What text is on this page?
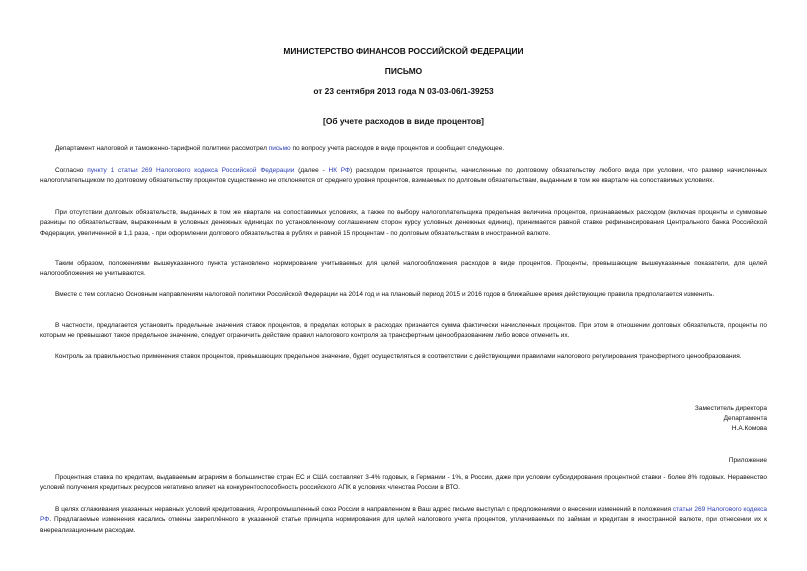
МИНИСТЕРСТВО ФИНАНСОВ РОССИЙСКОЙ ФЕДЕРАЦИИ
ПИСЬМО
от 23 сентября 2013 года N 03-03-06/1-39253
[Об учете расходов в виде процентов]

Департамент налоговой и таможенно-тарифной политики рассмотрел письмо по вопросу учета расходов в виде процентов и сообщает следующее.

Согласно пункту 1 статьи 269 Налогового кодекса Российской Федерации (далее - НК РФ) расходом признается проценты, начисленные по долговому обязательству любого вида при условии, что размер начисленных налогоплательщиком по долговому обязательству процентов существенно не отклоняется от среднего уровня процентов, взимаемых по долговым обязательствам, выданным в том же квартале на сопоставимых условиях.

При отсутствии долговых обязательств, выданных в том же квартале на сопоставимых условиях, а также по выбору налогоплательщика предельная величина процентов, признаваемых расходом (включая проценты и суммовые разницы по обязательствам, выраженным в условных денежных единицах по установленному соглашением сторон курсу условных денежных единиц), принимается равной ставке рефинансирования Центрального банка Российской Федерации, увеличенной в 1,1 раза, - при оформлении долгового обязательства в рублях и равной 15 процентам - по долговым обязательствам в иностранной валюте.

Таким образом, положениями вышеуказанного пункта установлено нормирование учитываемых для целей налогообложения расходов в виде процентов. Проценты, превышающие вышеуказанные показатели, для целей налогообложения не учитываются.

Вместе с тем согласно Основным направлениям налоговой политики Российской Федерации на 2014 год и на плановый период 2015 и 2016 годов в ближайшее время действующие правила предполагается изменить.

В частности, предлагается установить предельные значения ставок процентов, в пределах которых в расходах признается сумма фактически начисленных процентов. При этом в отношении долговых обязательств, проценты по которым не превышают такое предельное значение, следует ограничить действие правил налогового контроля за трансфертным ценообразованием либо вовсе отменить их.

Контроль за правильностью применения ставок процентов, превышающих предельное значение, будет осуществляться в соответствии с действующими правилами налогового регулирования трансфертного ценообразования.

Заместитель директора
Департамента
Н.А.Комова
Приложение

Процентная ставка по кредитам, выдаваемым аграриям в большинстве стран ЕС и США составляет 3-4% годовых, в Германии - 1%, в России, даже при условии субсидирования процентной ставки - более 8% годовых. Неравенство условий получения кредитных ресурсов негативно влияет на конкурентоспособность российского АПК в условиях членства России в ВТО.

В целях сглаживания указанных неравных условий кредитования, Агропромышленный союз России в направленном в Ваш адрес письме выступал с предложениями о внесении изменений в положения статьи 269 Налогового кодекса РФ. Предлагаемые изменения касались отмены закреплённого в указанной статье принципа нормирования для целей налогового учета процентов, уплачиваемых по займам и кредитам в иностранной валюте, при отнесении их к внереализационным расходам.
